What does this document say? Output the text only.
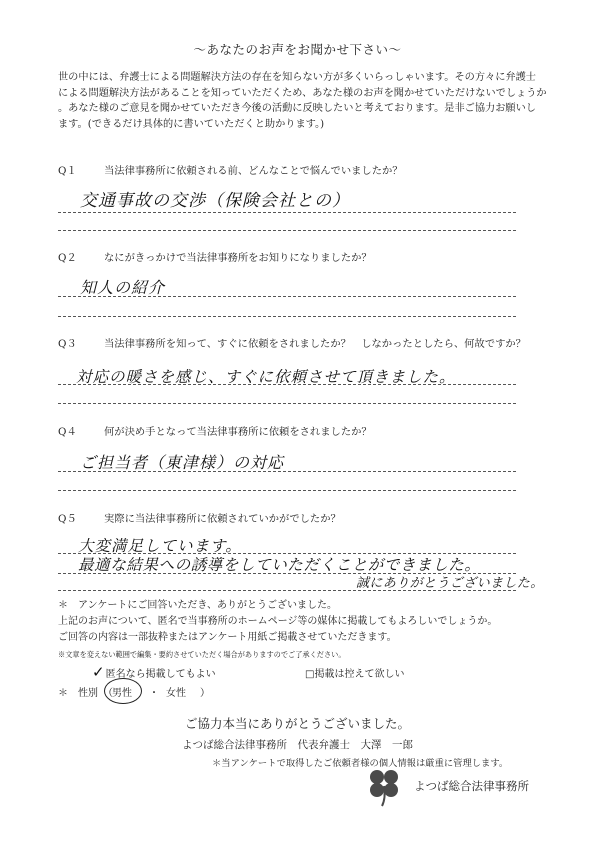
～あなたのお声をお聞かせ下さい～
世の中には、弁護士による問題解決方法の存在を知らない方が多くいらっしゃいます。その方々に弁護士
による問題解決方法があることを知っていただくため、あなた様のお声を聞かせていただけないでしょうか
。あなた様のご意見を聞かせていただき今後の活動に反映したいと考えております。是非ご協力お願いし
ます。(できるだけ具体的に書いていただくと助かります。)
Q１	当法律事務所に依頼される前、どんなことで悩んでいましたか？
交通事故の交渉（保険会社との）
Q２	なにがきっかけで当法律事務所をお知りになりましたか？
知人の紹介
Q３	当法律事務所を知って、すぐに依頼をされましたか？　しなかったとしたら、何故ですか？
対応の暖さを感じ、すぐに依頼させて頂きました。
Q４	何が決め手となって当法律事務所に依頼をされましたか？
ご担当者（東津様）の対応
Q５	実際に当法律事務所に依頼されていかがでしたか？
大変満足しています。
最適な結果への誘導をしていただくことができました。
誠にありがとうございました。
＊　アンケートにご回答いただき、ありがとうございました。
上記のお声について、匿名で当事務所のホームページ等の媒体に掲載してもよろしいでしょうか。
ご回答の内容は一部抜粋またはアンケート用紙ご掲載させていただきます。
※文章を変えない範囲で編集・要約させていただく場合がありますのでご了承ください。
✓匿名なら掲載してもよい	□掲載は控えて欲しい
＊　性別　（ 男性 ・ 女性 ）
ご協力本当にありがとうございました。
よつば総合法律事務所　代表弁護士　大澤　一郎
＊当アンケートで取得したご依頼者様の個人情報は厳重に管理します。
よつば総合法律事務所
